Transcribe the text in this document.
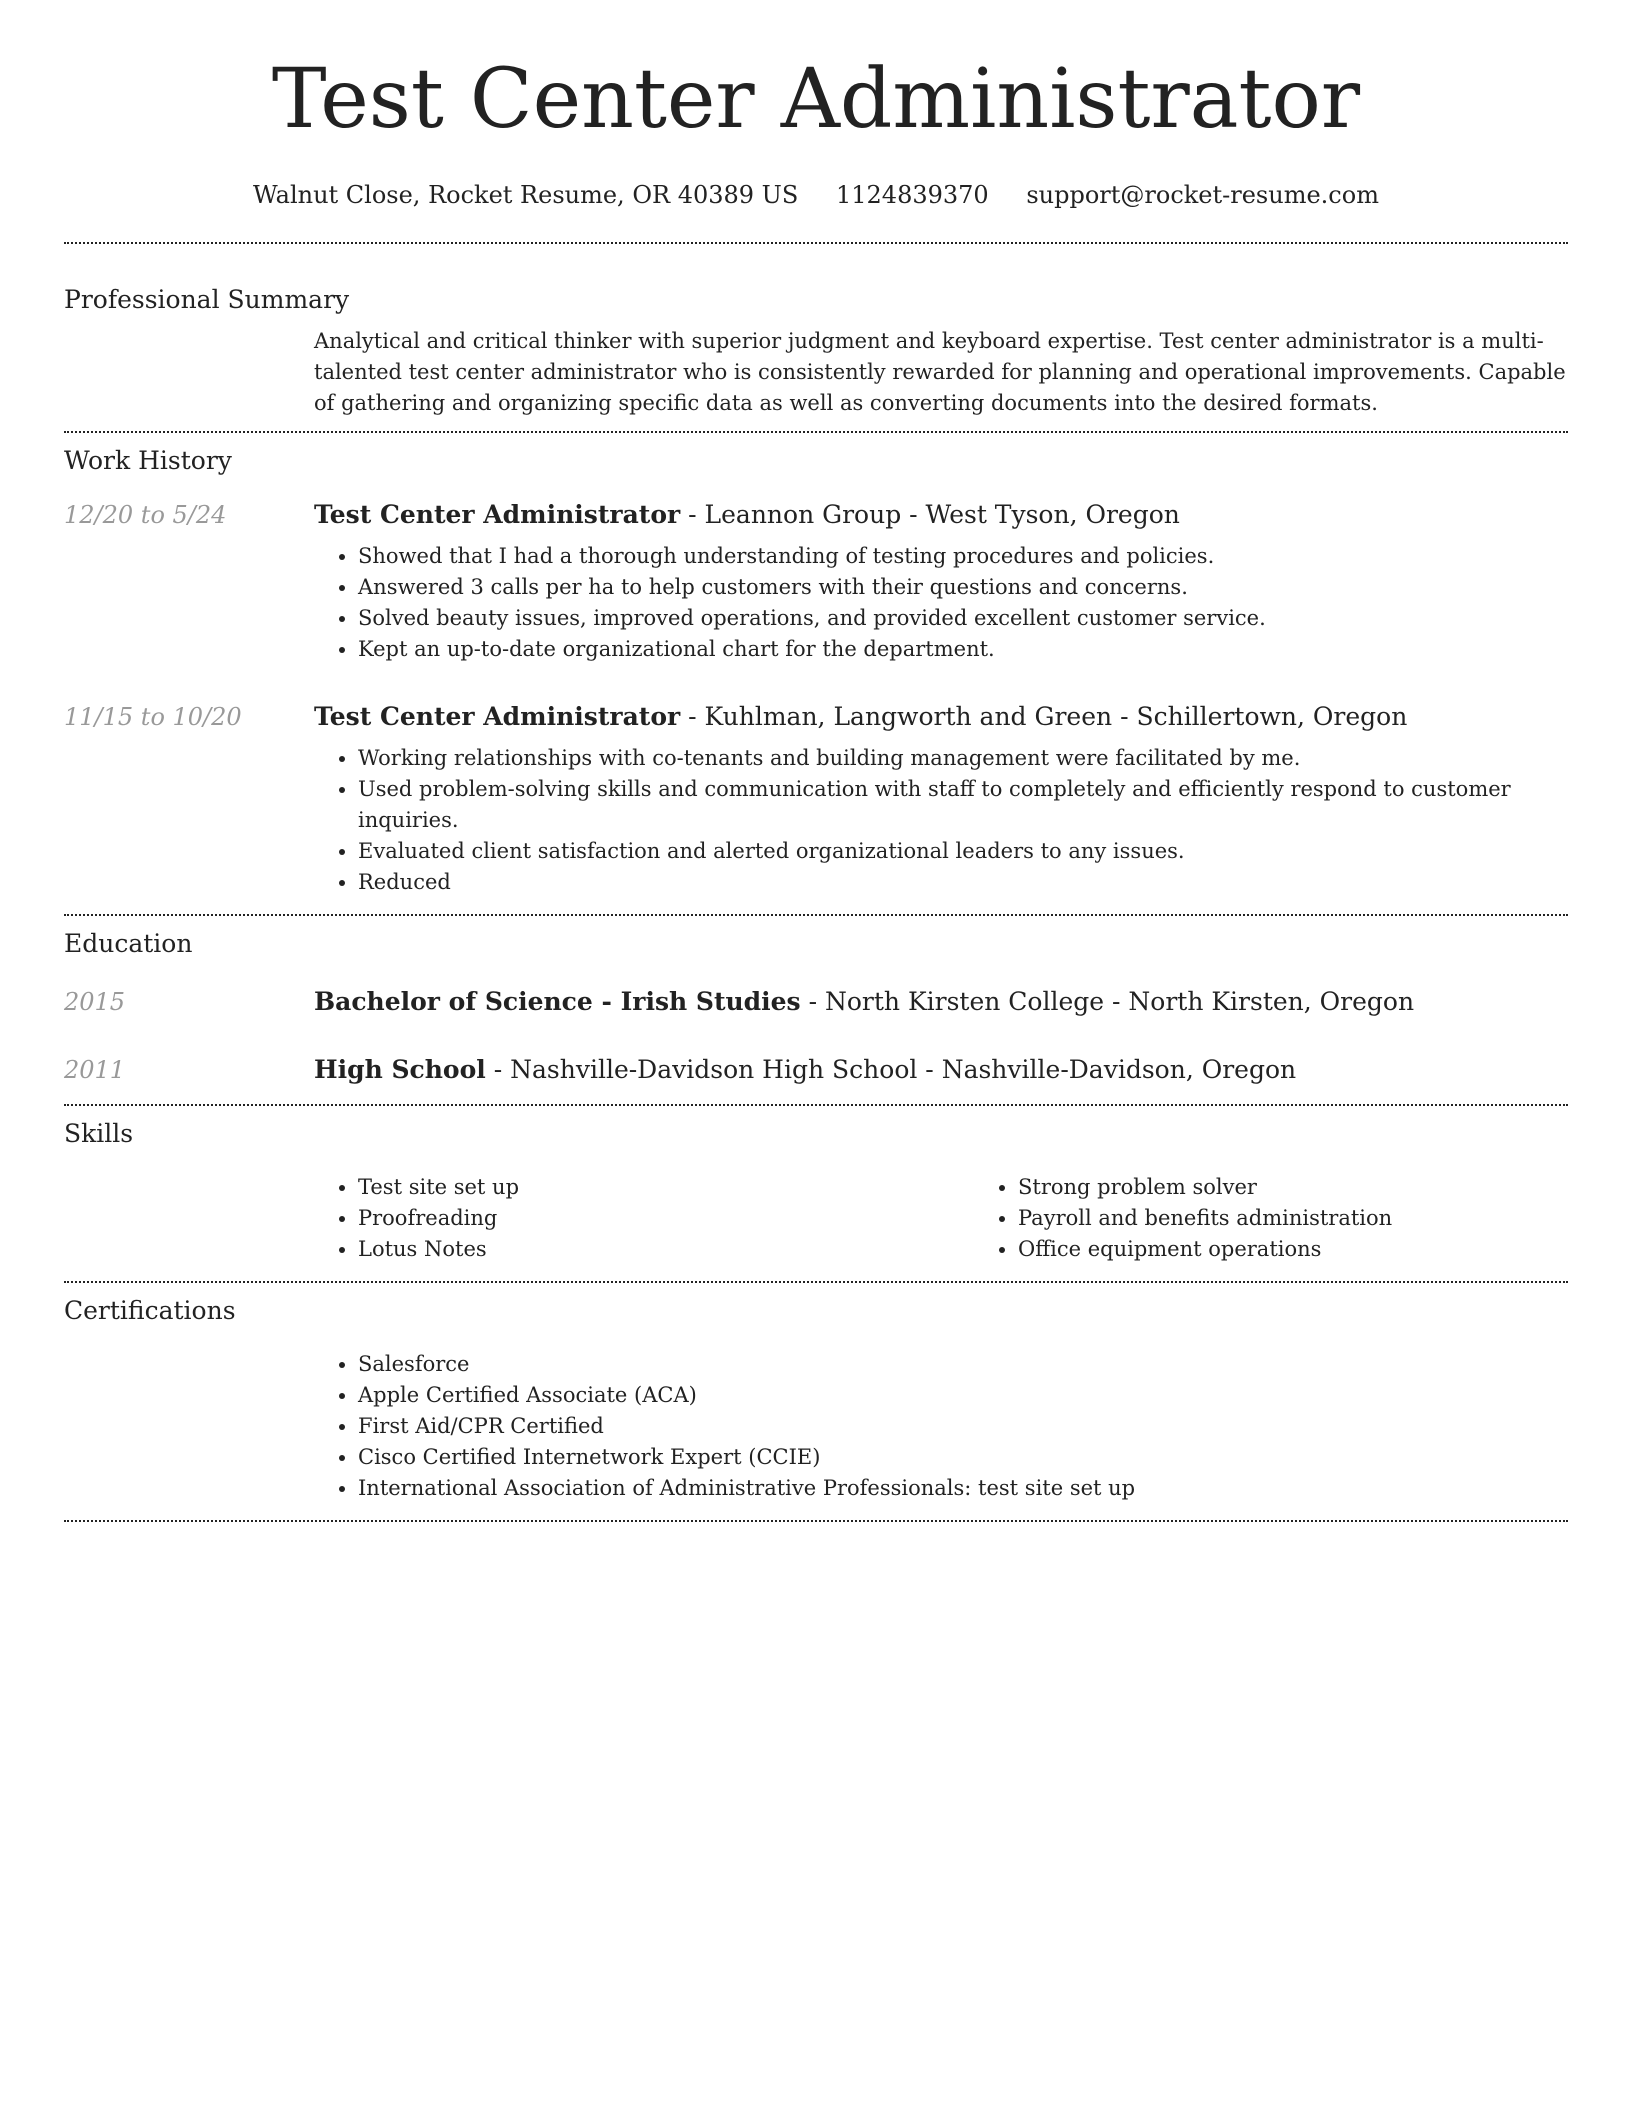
Test Center Administrator
Walnut Close, Rocket Resume, OR 40389 US 1124839370 support@rocket-resume.com
Professional Summary
Analytical and critical thinker with superior judgment and keyboard expertise. Test center administrator is a multi-talented test center administrator who is consistently rewarded for planning and operational improvements. Capable of gathering and organizing specific data as well as converting documents into the desired formats.
Work History
12/20 to 5/24	Test Center Administrator - Leannon Group - West Tyson, Oregon
• Showed that I had a thorough understanding of testing procedures and policies.
• Answered 3 calls per ha to help customers with their questions and concerns.
• Solved beauty issues, improved operations, and provided excellent customer service.
• Kept an up-to-date organizational chart for the department.
11/15 to 10/20	Test Center Administrator - Kuhlman, Langworth and Green - Schillertown, Oregon
• Working relationships with co-tenants and building management were facilitated by me.
• Used problem-solving skills and communication with staff to completely and efficiently respond to customer inquiries.
• Evaluated client satisfaction and alerted organizational leaders to any issues.
• Reduced
Education
2015	Bachelor of Science - Irish Studies - North Kirsten College - North Kirsten, Oregon
2011	High School - Nashville-Davidson High School - Nashville-Davidson, Oregon
Skills
• Test site set up
• Proofreading
• Lotus Notes
• Strong problem solver
• Payroll and benefits administration
• Office equipment operations
Certifications
• Salesforce
• Apple Certified Associate (ACA)
• First Aid/CPR Certified
• Cisco Certified Internetwork Expert (CCIE)
• International Association of Administrative Professionals: test site set up
